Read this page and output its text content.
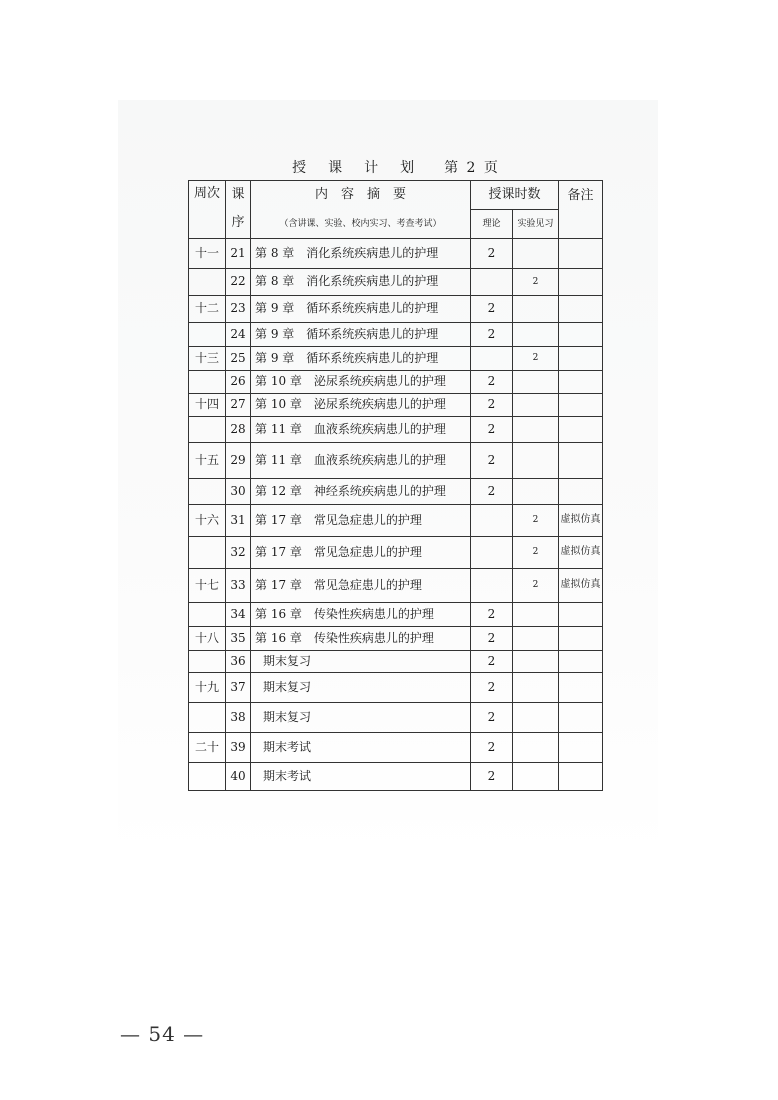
授课计划 第 2 页
周次	课	内　容　摘　要	授课时数		备注
	序	（含讲课、实验、校内实习、考查考试）	理论	实验见习	
十一	21	第 8 章　消化系统疾病患儿的护理	2		
	22	第 8 章　消化系统疾病患儿的护理		2	
十二	23	第 9 章　循环系统疾病患儿的护理	2		
	24	第 9 章　循环系统疾病患儿的护理	2		
十三	25	第 9 章　循环系统疾病患儿的护理		2	
	26	第 10 章　泌尿系统疾病患儿的护理	2		
十四	27	第 10 章　泌尿系统疾病患儿的护理	2		
	28	第 11 章　血液系统疾病患儿的护理	2		
十五	29	第 11 章　血液系统疾病患儿的护理	2		
	30	第 12 章　神经系统疾病患儿的护理	2		
十六	31	第 17 章　常见急症患儿的护理		2	虚拟仿真
	32	第 17 章　常见急症患儿的护理		2	虚拟仿真
十七	33	第 17 章　常见急症患儿的护理		2	虚拟仿真
	34	第 16 章　传染性疾病患儿的护理	2		
十八	35	第 16 章　传染性疾病患儿的护理	2		
	36	期末复习	2		
十九	37	期末复习	2		
	38	期末复习	2		
二十	39	期末考试	2		
	40	期末考试	2		
— 54 —
